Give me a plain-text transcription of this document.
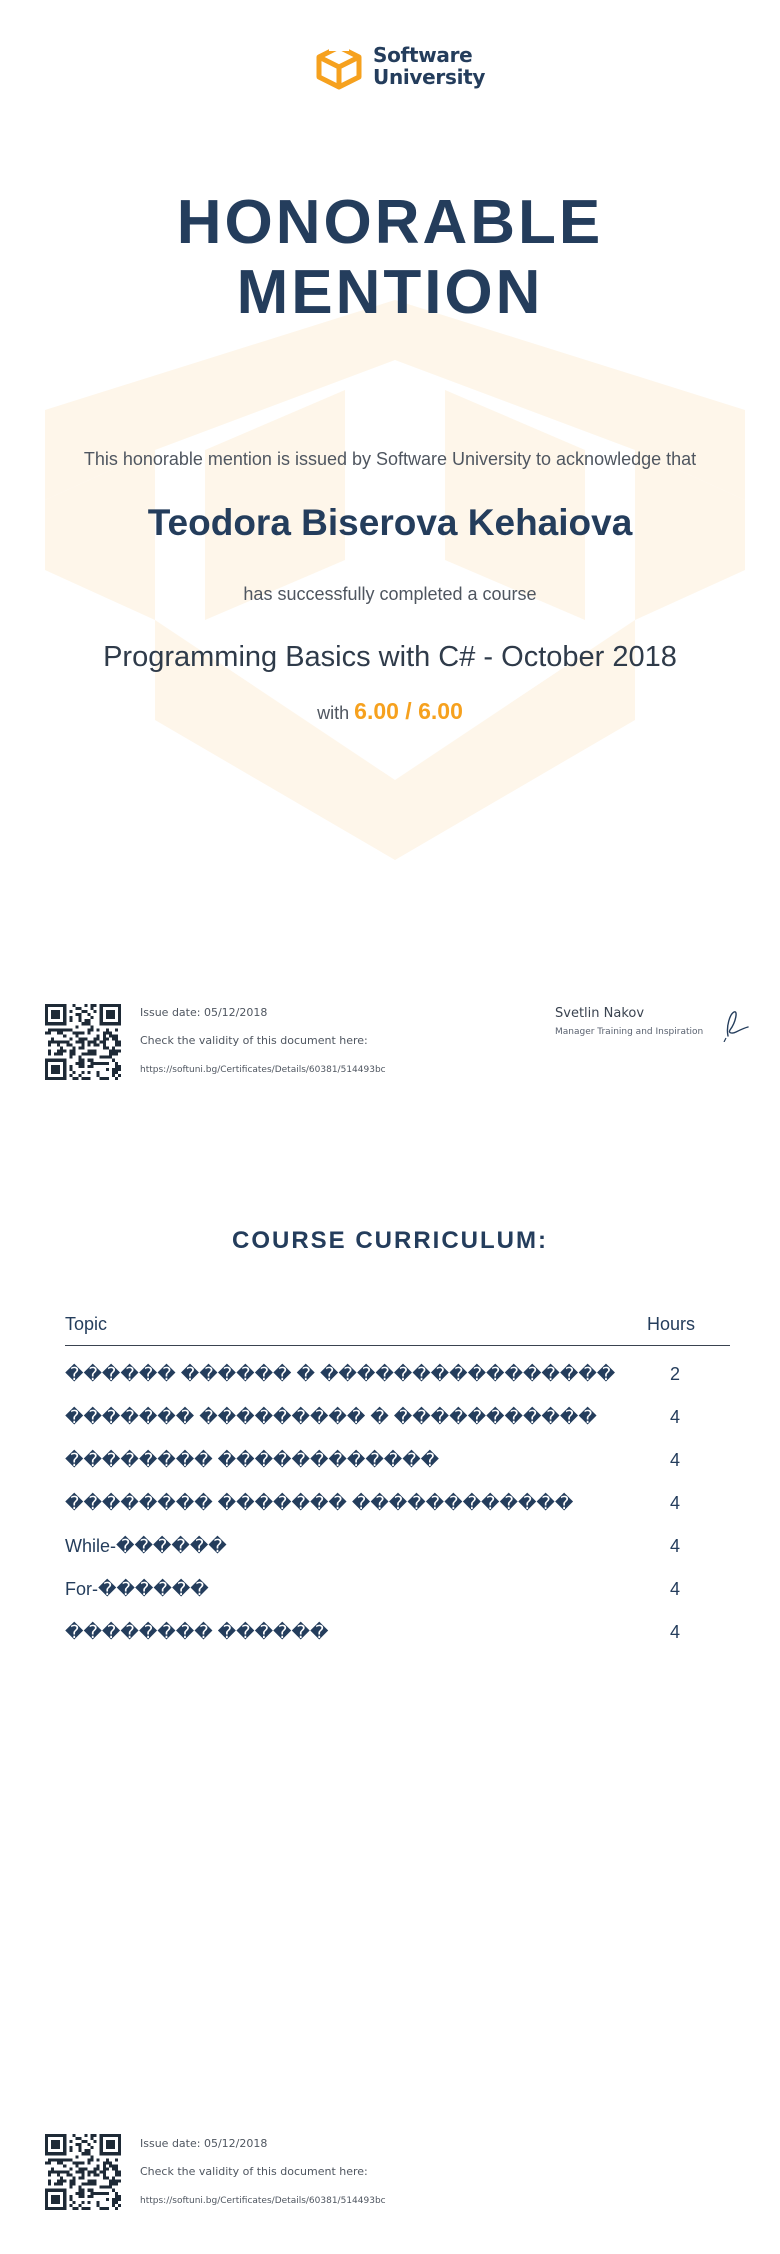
Software
University
HONORABLE
MENTION
This honorable mention is issued by Software University to acknowledge that
Teodora Biserova Kehaiova
has successfully completed a course
Programming Basics with C# - October 2018
with 6.00 / 6.00
Issue date: 05/12/2018
Check the validity of this document here:
https://softuni.bg/Certificates/Details/60381/514493bc
Svetlin Nakov
Manager Training and Inspiration
COURSE CURRICULUM:
Topic	Hours
������ ������ � ����������������	2
������� ��������� � �����������	4
�������� ������������	4
�������� ������� ������������	4
While-������	4
For-������	4
�������� ������	4
Issue date: 05/12/2018
Check the validity of this document here:
https://softuni.bg/Certificates/Details/60381/514493bc
